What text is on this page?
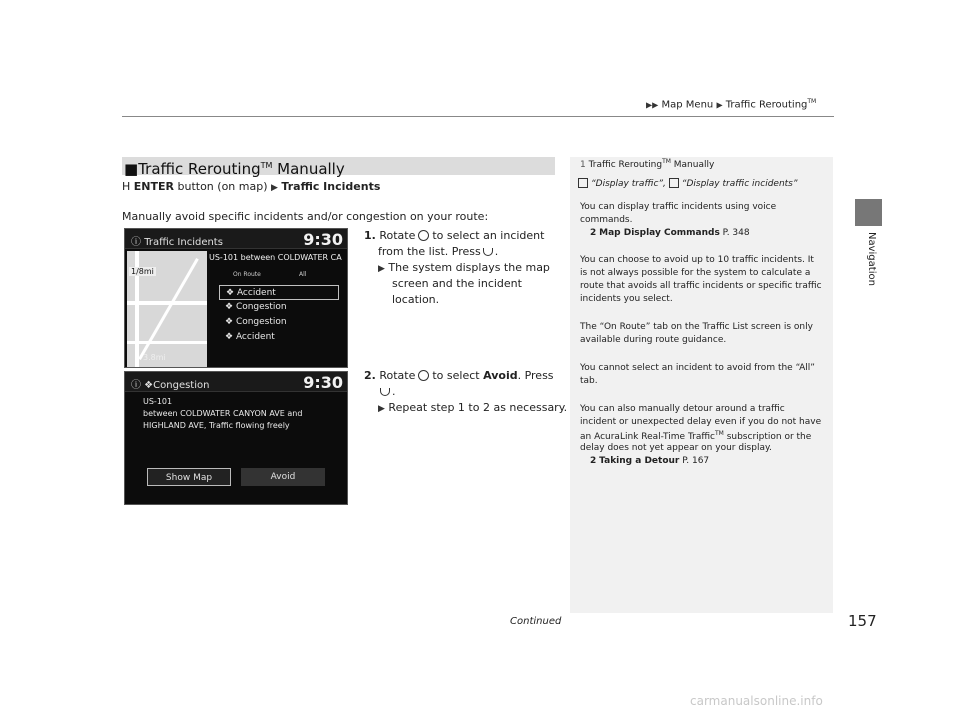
▶▶ Map Menu ▶ Traffic Rerouting™
Navigation
■Traffic Rerouting™ Manually
H ENTER button (on map) ▶ Traffic Incidents
Manually avoid specific incidents and/or congestion on your route:
ⓘ Traffic Incidents	9:30
1/8mi
3.8mi
US-101 between COLDWATER CA
On Route	All
❖ Accident
❖ Congestion
❖ Congestion
❖ Accident
ⓘ ❖Congestion	9:30
US-101
between COLDWATER CANYON AVE and
HIGHLAND AVE, Traffic flowing freely
Show Map	Avoid
1. Rotate to select an incident
from the list. Press .
▶ The system displays the map
screen and the incident
location.
2. Rotate to select Avoid. Press
.
▶ Repeat step 1 to 2 as necessary.
1 Traffic Rerouting™ Manually
“Display traffic”, “Display traffic incidents”
You can display traffic incidents using voice
commands.
2 Map Display Commands P. 348
You can choose to avoid up to 10 traffic incidents. It
is not always possible for the system to calculate a
route that avoids all traffic incidents or specific traffic
incidents you select.
The “On Route” tab on the Traffic List screen is only
available during route guidance.
You cannot select an incident to avoid from the “All”
tab.
You can also manually detour around a traffic
incident or unexpected delay even if you do not have
an AcuraLink Real-Time Traffic™ subscription or the
delay does not yet appear on your display.
2 Taking a Detour P. 167
Continued	157
carmanualsonline.info
